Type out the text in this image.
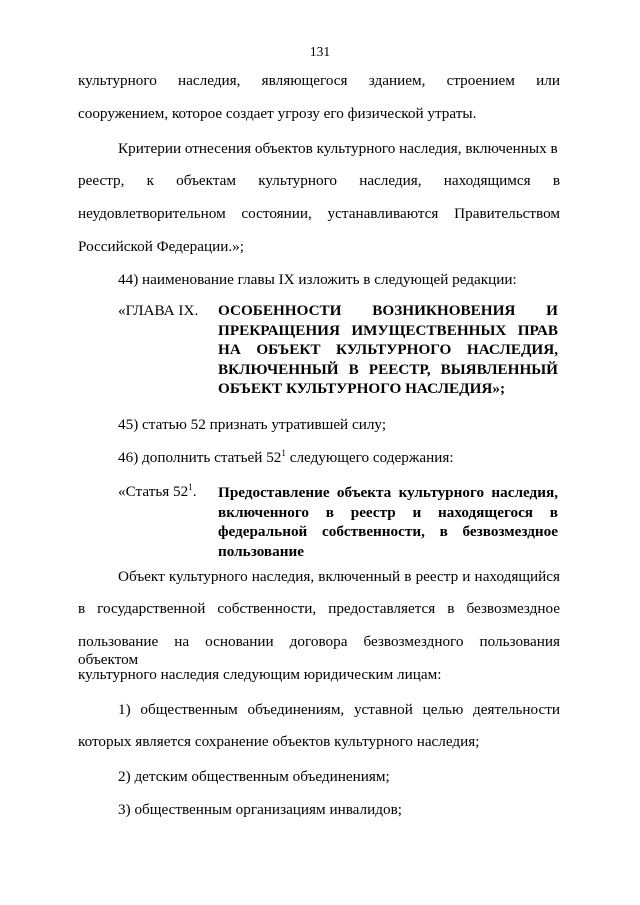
131

культурного наследия, являющегося зданием, строением или

сооружением, которое создает угрозу его физической утраты.

Критерии отнесения объектов культурного наследия, включенных в

реестр, к объектам культурного наследия, находящимся в

неудовлетворительном состоянии, устанавливаются Правительством

Российской Федерации.»;

44) наименование главы IX изложить в следующей редакции:

«ГЛАВА IX. ОСОБЕННОСТИ ВОЗНИКНОВЕНИЯ И
ПРЕКРАЩЕНИЯ ИМУЩЕСТВЕННЫХ ПРАВ
НА ОБЪЕКТ КУЛЬТУРНОГО НАСЛЕДИЯ,
ВКЛЮЧЕННЫЙ В РЕЕСТР, ВЫЯВЛЕННЫЙ
ОБЪЕКТ КУЛЬТУРНОГО НАСЛЕДИЯ»;

45) статью 52 признать утратившей силу;

46) дополнить статьей $52^1$ следующего содержания:

«Статья $52^1$. Предоставление объекта культурного наследия,
включенного в реестр и находящегося в
федеральной собственности, в безвозмездное
пользование

Объект культурного наследия, включенный в реестр и находящийся

в государственной собственности, предоставляется в безвозмездное

пользование на основании договора безвозмездного пользования объектом

культурного наследия следующим юридическим лицам:

1) общественным объединениям, уставной целью деятельности

которых является сохранение объектов культурного наследия;

2) детским общественным объединениям;

3) общественным организациям инвалидов;
